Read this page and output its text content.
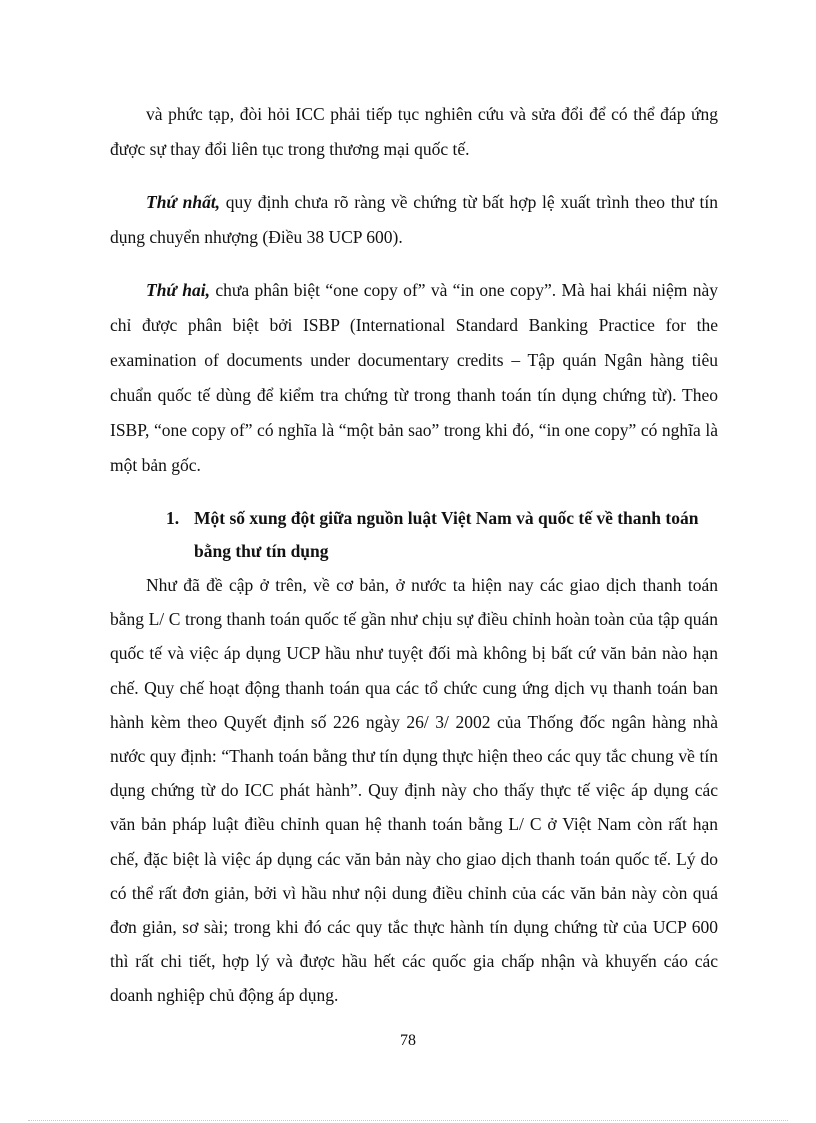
và phức tạp, đòi hỏi ICC phải tiếp tục nghiên cứu và sửa đổi để có thể đáp ứng được sự thay đổi liên tục trong thương mại quốc tế.

Thứ nhất, quy định chưa rõ ràng về chứng từ bất hợp lệ xuất trình theo thư tín dụng chuyển nhượng (Điều 38 UCP 600).

Thứ hai, chưa phân biệt “one copy of” và “in one copy”. Mà hai khái niệm này chỉ được phân biệt bởi ISBP (International Standard Banking Practice for the examination of documents under documentary credits – Tập quán Ngân hàng tiêu chuẩn quốc tế dùng để kiểm tra chứng từ trong thanh toán tín dụng chứng từ). Theo ISBP, “one copy of” có nghĩa là “một bản sao” trong khi đó, “in one copy” có nghĩa là một bản gốc.

1. Một số xung đột giữa nguồn luật Việt Nam và quốc tế về thanh toán bằng thư tín dụng

Như đã đề cập ở trên, về cơ bản, ở nước ta hiện nay các giao dịch thanh toán bằng L/ C trong thanh toán quốc tế gần như chịu sự điều chỉnh hoàn toàn của tập quán quốc tế và việc áp dụng UCP hầu như tuyệt đối mà không bị bất cứ văn bản nào hạn chế. Quy chế hoạt động thanh toán qua các tổ chức cung ứng dịch vụ thanh toán ban hành kèm theo Quyết định số 226 ngày 26/ 3/ 2002 của Thống đốc ngân hàng nhà nước quy định: “Thanh toán bằng thư tín dụng thực hiện theo các quy tắc chung về tín dụng chứng từ do ICC phát hành”. Quy định này cho thấy thực tế việc áp dụng các văn bản pháp luật điều chỉnh quan hệ thanh toán bằng L/ C ở Việt Nam còn rất hạn chế, đặc biệt là việc áp dụng các văn bản này cho giao dịch thanh toán quốc tế. Lý do có thể rất đơn giản, bởi vì hầu như nội dung điều chỉnh của các văn bản này còn quá đơn giản, sơ sài; trong khi đó các quy tắc thực hành tín dụng chứng từ của UCP 600 thì rất chi tiết, hợp lý và được hầu hết các quốc gia chấp nhận và khuyến cáo các doanh nghiệp chủ động áp dụng.

78
